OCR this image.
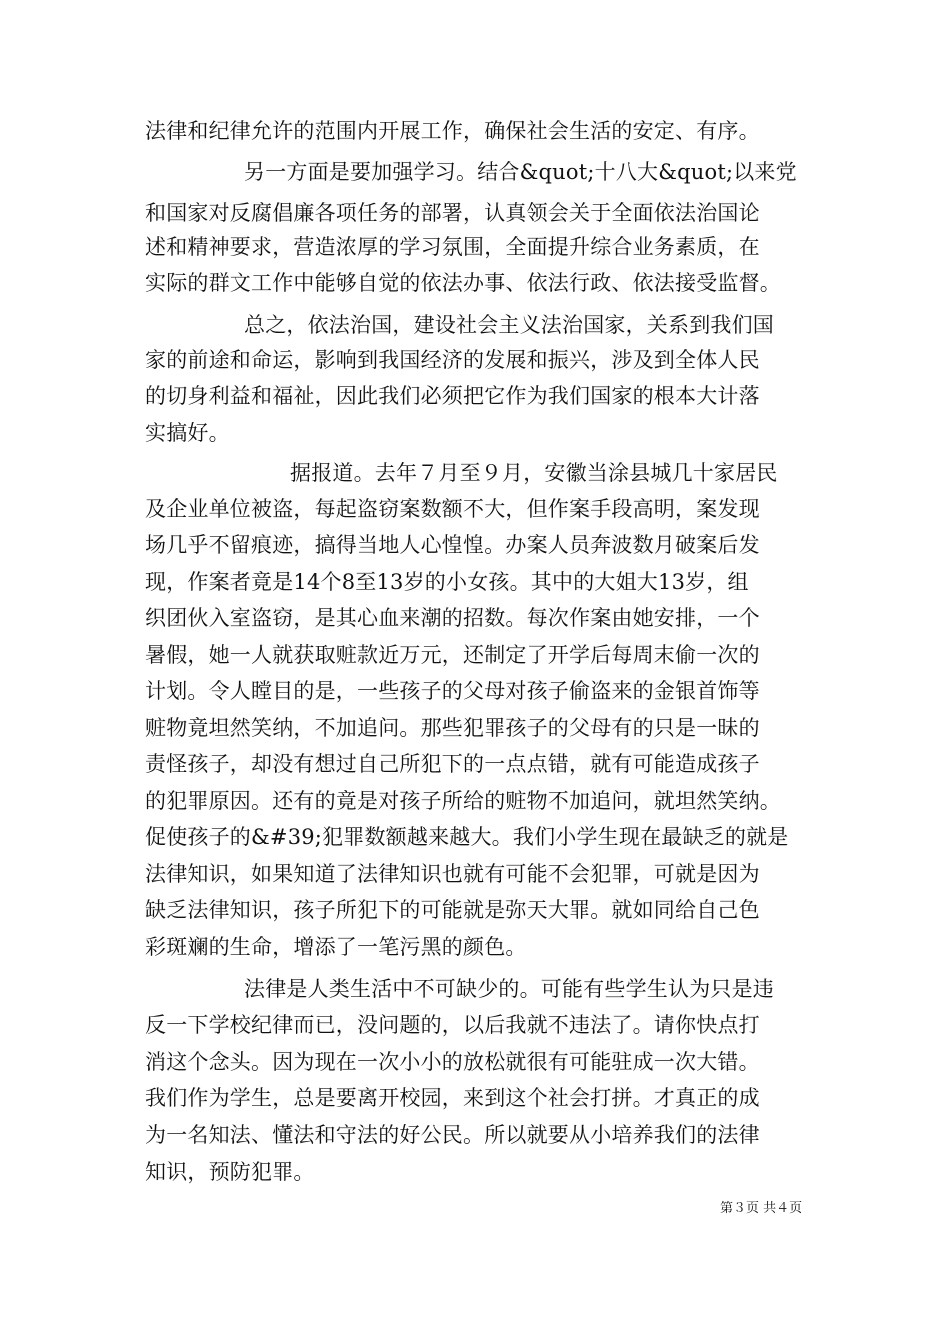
法律和纪律允许的范围内开展工作，确保社会生活的安定、有序。
另一方面是要加强学习。结合&quot;十八大&quot;以来党
和国家对反腐倡廉各项任务的部署，认真领会关于全面依法治国论
述和精神要求，营造浓厚的学习氛围，全面提升综合业务素质，在
实际的群文工作中能够自觉的依法办事、依法行政、依法接受监督。
总之，依法治国，建设社会主义法治国家，关系到我们国
家的前途和命运，影响到我国经济的发展和振兴，涉及到全体人民
的切身利益和福祉，因此我们必须把它作为我们国家的根本大计落
实搞好。
据报道。去年７月至９月，安徽当涂县城几十家居民
及企业单位被盗，每起盗窃案数额不大，但作案手段高明，案发现
场几乎不留痕迹，搞得当地人心惶惶。办案人员奔波数月破案后发
现，作案者竟是14个8至13岁的小女孩。其中的大姐大13岁，组
织团伙入室盗窃，是其心血来潮的招数。每次作案由她安排，一个
暑假，她一人就获取赃款近万元，还制定了开学后每周末偷一次的
计划。令人瞠目的是，一些孩子的父母对孩子偷盗来的金银首饰等
赃物竟坦然笑纳，不加追问。那些犯罪孩子的父母有的只是一昧的
责怪孩子，却没有想过自己所犯下的一点点错，就有可能造成孩子
的犯罪原因。还有的竟是对孩子所给的赃物不加追问，就坦然笑纳。
促使孩子的&#39;犯罪数额越来越大。我们小学生现在最缺乏的就是
法律知识，如果知道了法律知识也就有可能不会犯罪，可就是因为
缺乏法律知识，孩子所犯下的可能就是弥天大罪。就如同给自己色
彩斑斓的生命，增添了一笔污黑的颜色。
法律是人类生活中不可缺少的。可能有些学生认为只是违
反一下学校纪律而已，没问题的，以后我就不违法了。请你快点打
消这个念头。因为现在一次小小的放松就很有可能驻成一次大错。
我们作为学生，总是要离开校园，来到这个社会打拼。才真正的成
为一名知法、懂法和守法的好公民。所以就要从小培养我们的法律
知识，预防犯罪。
第３页 共４页
